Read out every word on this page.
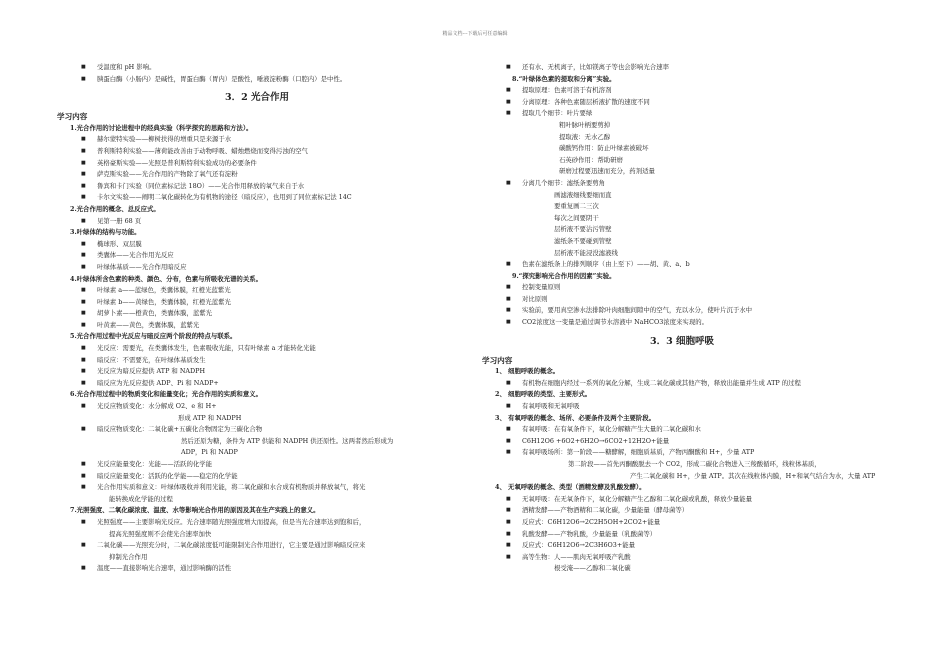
精品文档---下载后可任意编辑
■ 受温度和 pH 影响。
■ 胰蛋白酶（小肠内）是碱性，胃蛋白酶（胃内）是酸性，唾液淀粉酶（口腔内）是中性。
3．2 光合作用
学习内容
1.光合作用的讨论进程中的经典实验（科学探究的思路和方法）。
■ 赫尔蒙特实验——柳树扶得的增重只是来源于水
■ 普利斯特利实验——薄荷能改善由于动物呼吸、蜡烛燃烧而变得污浊的空气
■ 英格豪斯实验——光照是普利斯特利实验成功的必要条件
■ 萨克斯实验——光合作用的产物除了氧气还有淀粉
■ 鲁宾和卡门实验（同位素标记法 18O）——光合作用释放的氧气来自于水
■ 卡尔文实验——阐明二氧化碳转化为有机物的途径（暗反应），也用到了同位素标记法 14C
2.光合作用的概念、总反应式。
■ 见第一册 68 页
3.叶绿体的结构与功能。
■ 椭球形、双层膜
■ 类囊体——光合作用光反应
■ 叶绿体基质——光合作用暗反应
4.叶绿体所含色素的种类、颜色、分布，色素与所吸收光谱的关系。
■ 叶绿素 a——蓝绿色，类囊体膜，红橙光蓝紫光
■ 叶绿素 b——黄绿色，类囊体膜，红橙光蓝紫光
■ 胡萝卜素——橙黄色，类囊体膜，蓝紫光
■ 叶黄素——黄色，类囊体膜，蓝紫光
5.光合作用过程中光反应与暗反应两个阶段的特点与联系。
■ 光反应：需要光，在类囊体发生，色素吸收光能，只有叶绿素 a 才能转化光能
■ 暗反应：不需要光，在叶绿体基质发生
■ 光反应为暗反应提供 ATP 和 NADPH
■ 暗反应为光反应提供 ADP、Pi 和 NADP+
6.光合作用过程中的物质变化和能量变化；光合作用的实质和意义。
■ 光反应物质变化：水分解成 O2、e 和 H+
形成 ATP 和 NADPH
■ 暗反应物质变化：二氧化碳+五碳化合物固定为三碳化合物
然后还原为糖，条件为 ATP 供能和 NADPH 供还原性。这两者然后形成为
ADP，Pi 和 NADP
■ 光反应能量变化：光能——活跃的化学能
■ 暗反应能量变化：活跃的化学能——稳定的化学能
■ 光合作用实质和意义：叶绿体吸收并利用光能，将二氧化碳和水合成有机物质并释放氧气，将光
能转换成化学能的过程
7.光照强度、二氧化碳浓度、温度、水等影响光合作用的原因及其在生产实践上的意义。
■ 光照强度——主要影响光反应。光合速率随光照强度增大而提高，但是当光合速率达到饱和后，
提高光照强度则不会使光合速率加快
■ 二氧化碳——光照充分时，二氧化碳浓度低可能限制光合作用进行，它主要是通过影响暗反应来
抑制光合作用
■ 温度——直接影响光合速率，通过影响酶的活性
■ 还有水、无机离子，比如镁离子等也会影响光合速率
8.“叶绿体色素的提取和分离”实验。
■ 提取原理：色素可溶于有机溶剂
■ 分离原理：各种色素随层析液扩散的速度不同
■ 提取几个细节：叶片要绿
粗叶脉叶柄要剪掉
提取液：无水乙醇
碳酸钙作用：防止叶绿素被破坏
石英砂作用：帮助研磨
研磨过程要迅速而充分，药剂适量
■ 分离几个细节：滤纸条要剪角
画滤液细线要细而直
要重复画二三次
每次之间要阴干
层析液不要沾污管壁
滤纸条不要碰到管壁
层析液不能浸没滤液线
■ 色素在滤纸条上的排列顺序（由上至下）——胡、黄、a、b
9.“探究影响光合作用的因素”实验。
■ 控制变量原则
■ 对比原则
■ 实验前，要用真空渗水法排除叶肉细胞间隙中的空气，充以水分，使叶片沉于水中
■ CO2浓度这一变量是通过调节水溶液中 NaHCO3浓度来实现的。
3．3 细胞呼吸
学习内容
1、 细胞呼吸的概念。
■ 有机物在细胞内经过一系列的氧化分解，生成二氧化碳或其他产物，释放出能量并生成 ATP 的过程
2、 细胞呼吸的类型、主要形式。
■ 有氧呼吸和无氧呼吸
3、 有氧呼吸的概念、场所、必要条件及两个主要阶段。
■ 有氧呼吸：在有氧条件下，氧化分解糖产生大量的二氧化碳和水
■ C6H12O6 +6O2+6H2O→6CO2+12H2O+能量
■ 有氧呼吸场所：第一阶段——糖酵解，细胞质基质，产物丙酮酸和 H+，少量 ATP
第二阶段——首先丙酮酸脱去一个 CO2，形成二碳化合物进入三羧酸循环，线粒体基质，
产生二氧化碳和 H+，少量 ATP。其次在线粒体内膜，H+和氧气结合为水，大量 ATP
4、 无氧呼吸的概念、类型（酒精发酵及乳酸发酵）。
■ 无氧呼吸：在无氧条件下，氧化分解糖产生乙醇和二氧化碳或乳酸，释放少量能量
■ 酒精发酵——产物酒精和二氧化碳，少量能量（酵母菌等）
■ 反应式：C6H12O6→2C2H5OH+2CO2+能量
■ 乳酸发酵——产物乳酸，少量能量（乳酸菌等）
■ 反应式：C6H12O6→2C3H6O3+能量
■ 高等生物：人——肌肉无氧呼吸产乳酸
根受淹——乙醇和二氧化碳
